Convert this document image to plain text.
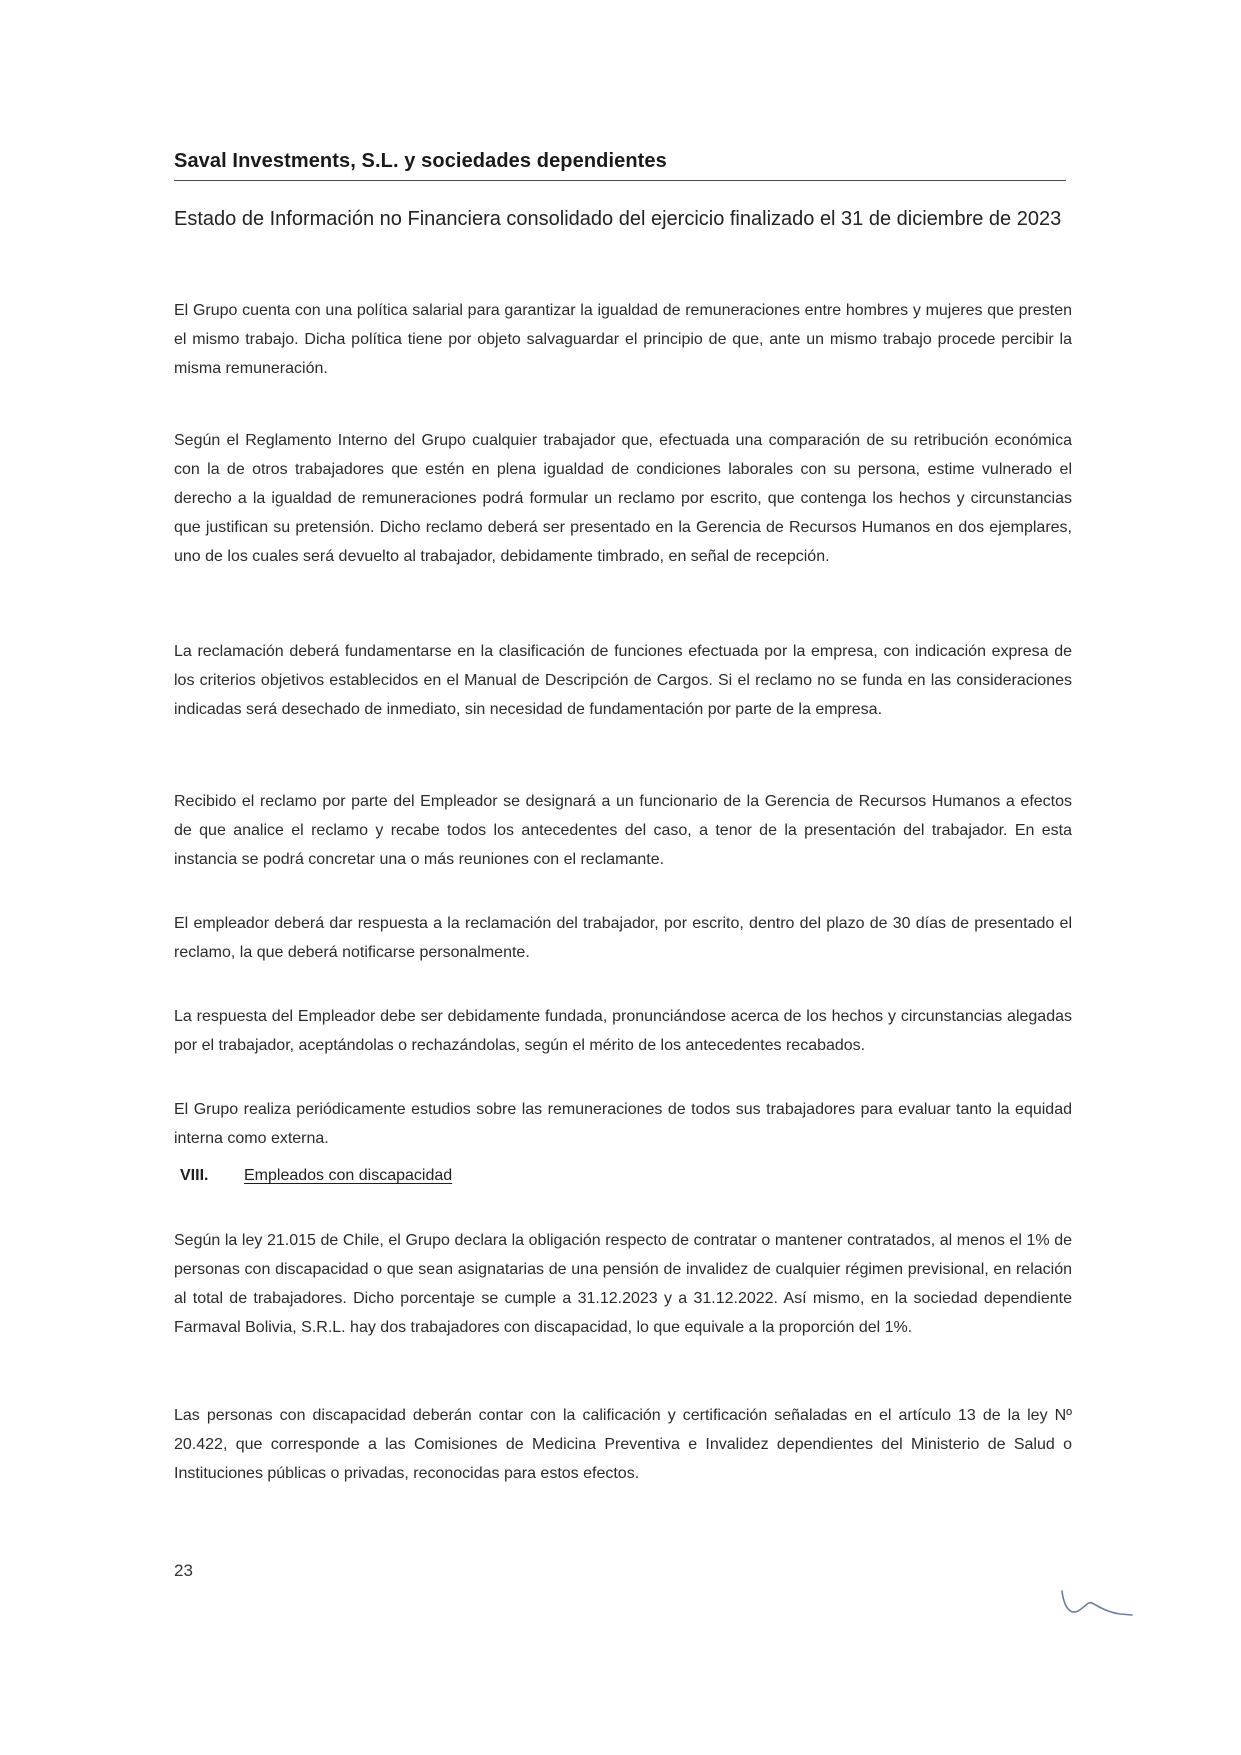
Saval Investments, S.L. y sociedades dependientes
Estado de Información no Financiera consolidado del ejercicio finalizado el 31 de diciembre de 2023

El Grupo cuenta con una política salarial para garantizar la igualdad de remuneraciones entre hombres y mujeres que presten el mismo trabajo. Dicha política tiene por objeto salvaguardar el principio de que, ante un mismo trabajo procede percibir la misma remuneración.

Según el Reglamento Interno del Grupo cualquier trabajador que, efectuada una comparación de su retribución económica con la de otros trabajadores que estén en plena igualdad de condiciones laborales con su persona, estime vulnerado el derecho a la igualdad de remuneraciones podrá formular un reclamo por escrito, que contenga los hechos y circunstancias que justifican su pretensión. Dicho reclamo deberá ser presentado en la Gerencia de Recursos Humanos en dos ejemplares, uno de los cuales será devuelto al trabajador, debidamente timbrado, en señal de recepción.

La reclamación deberá fundamentarse en la clasificación de funciones efectuada por la empresa, con indicación expresa de los criterios objetivos establecidos en el Manual de Descripción de Cargos. Si el reclamo no se funda en las consideraciones indicadas será desechado de inmediato, sin necesidad de fundamentación por parte de la empresa.

Recibido el reclamo por parte del Empleador se designará a un funcionario de la Gerencia de Recursos Humanos a efectos de que analice el reclamo y recabe todos los antecedentes del caso, a tenor de la presentación del trabajador. En esta instancia se podrá concretar una o más reuniones con el reclamante.

El empleador deberá dar respuesta a la reclamación del trabajador, por escrito, dentro del plazo de 30 días de presentado el reclamo, la que deberá notificarse personalmente.

La respuesta del Empleador debe ser debidamente fundada, pronunciándose acerca de los hechos y circunstancias alegadas por el trabajador, aceptándolas o rechazándolas, según el mérito de los antecedentes recabados.

El Grupo realiza periódicamente estudios sobre las remuneraciones de todos sus trabajadores para evaluar tanto la equidad interna como externa.

VIII. Empleados con discapacidad

Según la ley 21.015 de Chile, el Grupo declara la obligación respecto de contratar o mantener contratados, al menos el 1% de personas con discapacidad o que sean asignatarias de una pensión de invalidez de cualquier régimen previsional, en relación al total de trabajadores. Dicho porcentaje se cumple a 31.12.2023 y a 31.12.2022. Así mismo, en la sociedad dependiente Farmaval Bolivia, S.R.L. hay dos trabajadores con discapacidad, lo que equivale a la proporción del 1%.

Las personas con discapacidad deberán contar con la calificación y certificación señaladas en el artículo 13 de la ley Nº 20.422, que corresponde a las Comisiones de Medicina Preventiva e Invalidez dependientes del Ministerio de Salud o Instituciones públicas o privadas, reconocidas para estos efectos.

23
